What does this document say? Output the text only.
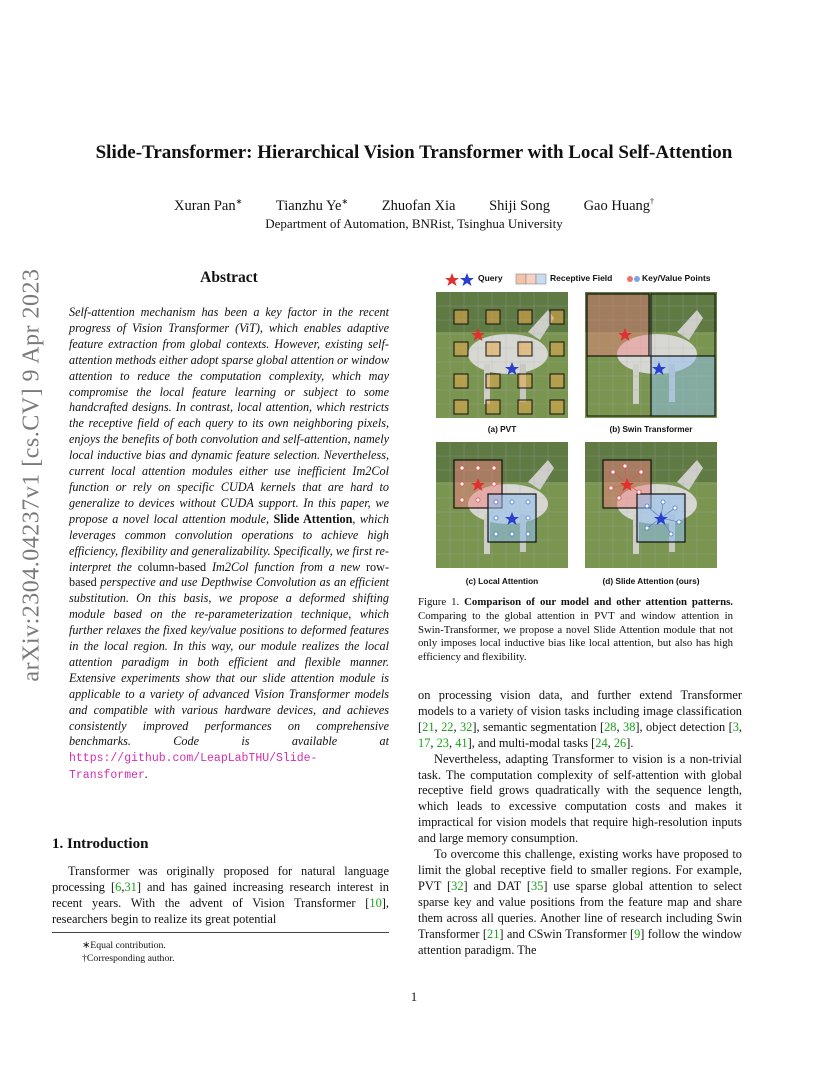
arXiv:2304.04237v1 [cs.CV] 9 Apr 2023
Slide-Transformer: Hierarchical Vision Transformer with Local Self-Attention
Xuran Pan∗ Tianzhu Ye∗ Zhuofan Xia Shiji Song Gao Huang†
Department of Automation, BNRist, Tsinghua University
Abstract
Self-attention mechanism has been a key factor in the recent progress of Vision Transformer (ViT), which enables adaptive feature extraction from global contexts. However, existing self-attention methods either adopt sparse global attention or window attention to reduce the computation complexity, which may compromise the local feature learning or subject to some handcrafted designs. In contrast, local attention, which restricts the receptive field of each query to its own neighboring pixels, enjoys the benefits of both convolution and self-attention, namely local inductive bias and dynamic feature selection. Nevertheless, current local attention modules either use inefficient Im2Col function or rely on specific CUDA kernels that are hard to generalize to devices without CUDA support. In this paper, we propose a novel local attention module, Slide Attention, which leverages common convolution operations to achieve high efficiency, flexibility and generalizability. Specifically, we first re-interpret the column-based Im2Col function from a new row-based perspective and use Depthwise Convolution as an efficient substitution. On this basis, we propose a deformed shifting module based on the re-parameterization technique, which further relaxes the fixed key/value positions to deformed features in the local region. In this way, our module realizes the local attention paradigm in both efficient and flexible manner. Extensive experiments show that our slide attention module is applicable to a variety of advanced Vision Transformer models and compatible with various hardware devices, and achieves consistently improved performances on comprehensive benchmarks. Code is available at https://github.com/LeapLabTHU/Slide-Transformer.
1. Introduction
Transformer was originally proposed for natural language processing [6,31] and has gained increasing research interest in recent years. With the advent of Vision Transformer [10], researchers begin to realize its great potential
∗Equal contribution.
†Corresponding author.
Query	Receptive Field	Key/Value Points
(a) PVT	(b) Swin Transformer
(c) Local Attention	(d) Slide Attention (ours)
Figure 1. Comparison of our model and other attention patterns. Comparing to the global attention in PVT and window attention in Swin-Transformer, we propose a novel Slide Attention module that not only imposes local inductive bias like local attention, but also has high efficiency and flexibility.

on processing vision data, and further extend Transformer models to a variety of vision tasks including image classification [21, 22, 32], semantic segmentation [28, 38], object detection [3, 17, 23, 41], and multi-modal tasks [24, 26].

Nevertheless, adapting Transformer to vision is a non-trivial task. The computation complexity of self-attention with global receptive field grows quadratically with the sequence length, which leads to excessive computation costs and makes it impractical for vision models that require high-resolution inputs and large memory consumption.

To overcome this challenge, existing works have proposed to limit the global receptive field to smaller regions. For example, PVT [32] and DAT [35] use sparse global attention to select sparse key and value positions from the feature map and share them across all queries. Another line of research including Swin Transformer [21] and CSwin Transformer [9] follow the window attention paradigm. The

1
